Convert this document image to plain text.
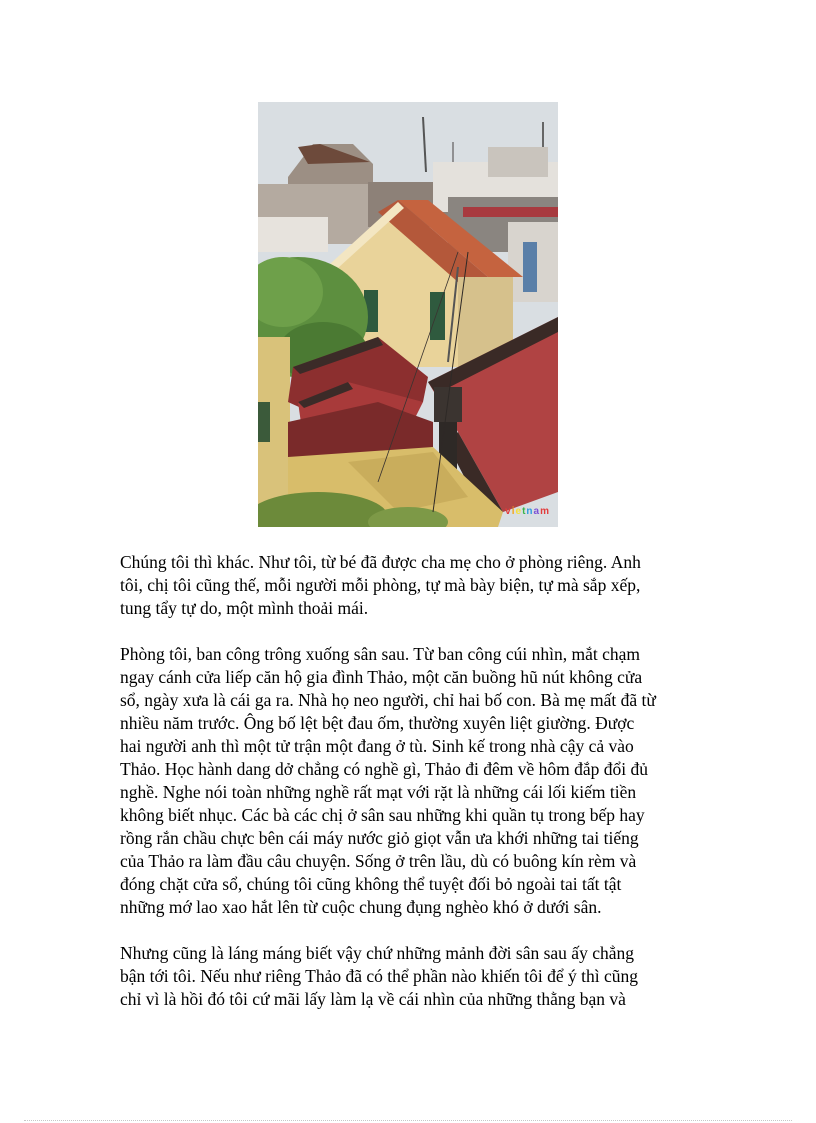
vietnam

Chúng tôi thì khác. Như tôi, từ bé đã được cha mẹ cho ở phòng riêng. Anh
tôi, chị tôi cũng thế, mỗi người mỗi phòng, tự mà bày biện, tự mà sắp xếp,
tung tẩy tự do, một mình thoải mái.

Phòng tôi, ban công trông xuống sân sau. Từ ban công cúi nhìn, mắt chạm
ngay cánh cửa liếp căn hộ gia đình Thảo, một căn buồng hũ nút không cửa
sổ, ngày xưa là cái ga ra. Nhà họ neo người, chỉ hai bố con. Bà mẹ mất đã từ
nhiều năm trước. Ông bố lệt bệt đau ốm, thường xuyên liệt giường. Được
hai người anh thì một tử trận một đang ở tù. Sinh kế trong nhà cậy cả vào
Thảo. Học hành dang dở chẳng có nghề gì, Thảo đi đêm về hôm đắp đổi đủ
nghề. Nghe nói toàn những nghề rất mạt với rặt là những cái lối kiếm tiền
không biết nhục. Các bà các chị ở sân sau những khi quần tụ trong bếp hay
rồng rắn chầu chực bên cái máy nước giỏ giọt vẫn ưa khới những tai tiếng
của Thảo ra làm đầu câu chuyện. Sống ở trên lầu, dù có buông kín rèm và
đóng chặt cửa sổ, chúng tôi cũng không thể tuyệt đối bỏ ngoài tai tất tật
những mớ lao xao hắt lên từ cuộc chung đụng nghèo khó ở dưới sân.

Nhưng cũng là láng máng biết vậy chứ những mảnh đời sân sau ấy chẳng
bận tới tôi. Nếu như riêng Thảo đã có thể phần nào khiến tôi để ý thì cũng
chỉ vì là hồi đó tôi cứ mãi lấy làm lạ về cái nhìn của những thằng bạn và
